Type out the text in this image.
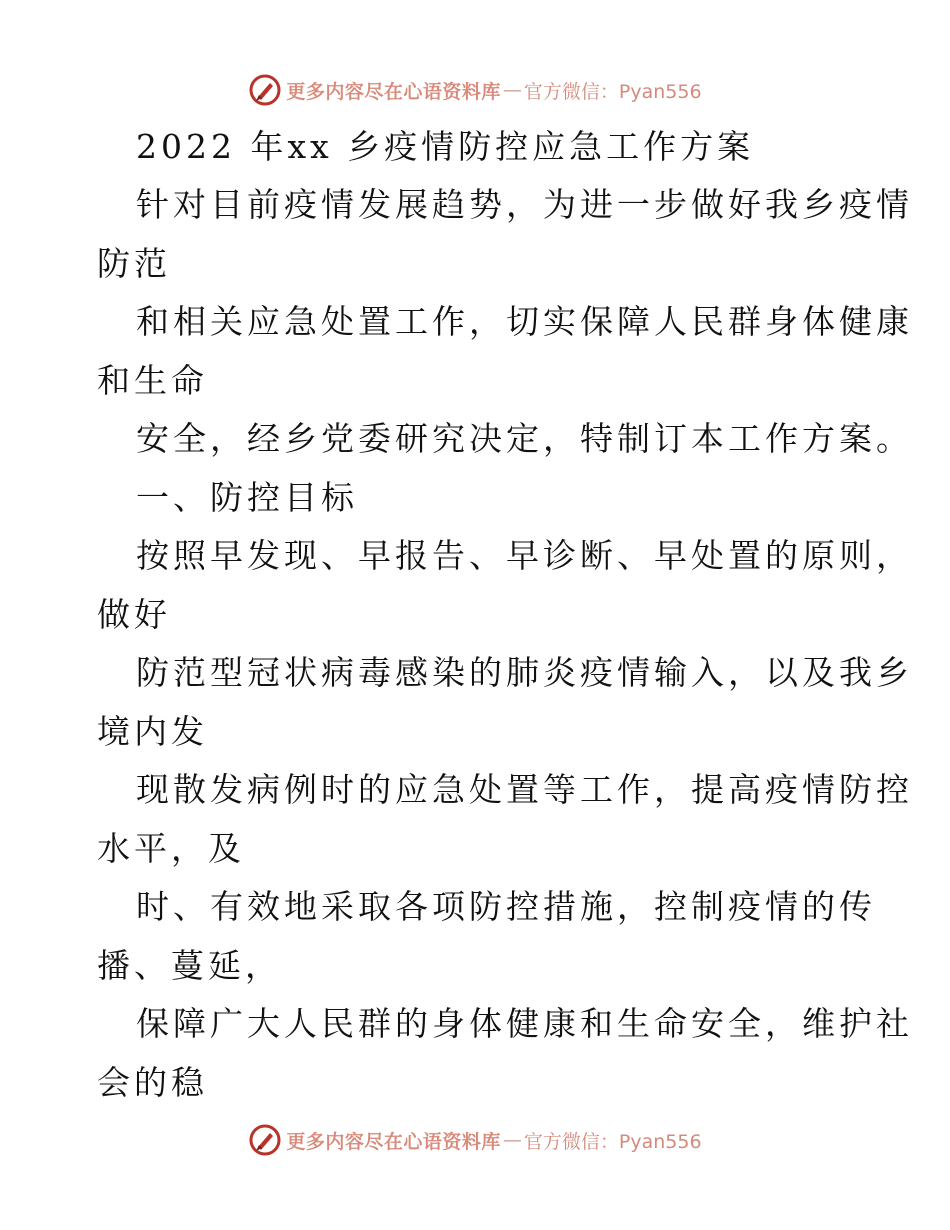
更多内容尽在心语资料库 — 官方微信：Pyan556
2022 年xx 乡疫情防控应急工作方案
针对目前疫情发展趋势，为进一步做好我乡疫情
防范
和相关应急处置工作，切实保障人民群身体健康
和生命
安全，经乡党委研究决定，特制订本工作方案。
一、防控目标
按照早发现、早报告、早诊断、早处置的原则，
做好
防范型冠状病毒感染的肺炎疫情输入，以及我乡
境内发
现散发病例时的应急处置等工作，提高疫情防控
水平，及
时、有效地采取各项防控措施，控制疫情的传
播、蔓延，
保障广大人民群的身体健康和生命安全，维护社
会的稳
更多内容尽在心语资料库 — 官方微信：Pyan556
